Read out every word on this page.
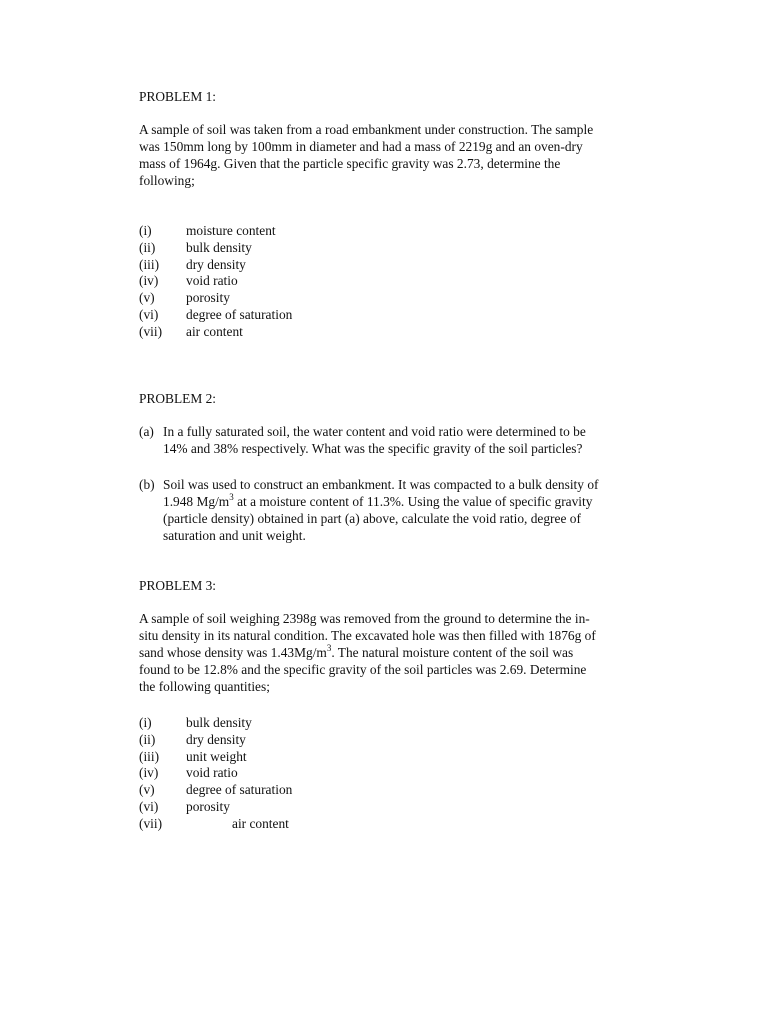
PROBLEM 1:
A sample of soil was taken from a road embankment under construction. The sample
was 150mm long by 100mm in diameter and had a mass of 2219g and an oven-dry
mass of 1964g. Given that the particle specific gravity was 2.73, determine the
following;
(i)	moisture content
(ii) bulk density
(iii) dry density
(iv) void ratio
(v) porosity
(vi) degree of saturation
(vii) air content
PROBLEM 2:
(a) In a fully saturated soil, the water content and void ratio were determined to be
14% and 38% respectively. What was the specific gravity of the soil particles?
(b) Soil was used to construct an embankment. It was compacted to a bulk density of
1.948 $Mg/m^3$ at a moisture content of 11.3%. Using the value of specific gravity
(particle density) obtained in part (a) above, calculate the void ratio, degree of
saturation and unit weight.
PROBLEM 3:
A sample of soil weighing 2398g was removed from the ground to determine the in-
situ density in its natural condition. The excavated hole was then filled with 1876g of
sand whose density was $1.43Mg/m^3$. The natural moisture content of the soil was
found to be 12.8% and the specific gravity of the soil particles was 2.69. Determine
the following quantities;
(i)	bulk density
(ii) dry density
(iii) unit weight
(iv) void ratio
(v) degree of saturation
(vi) porosity
(vii)	air content
